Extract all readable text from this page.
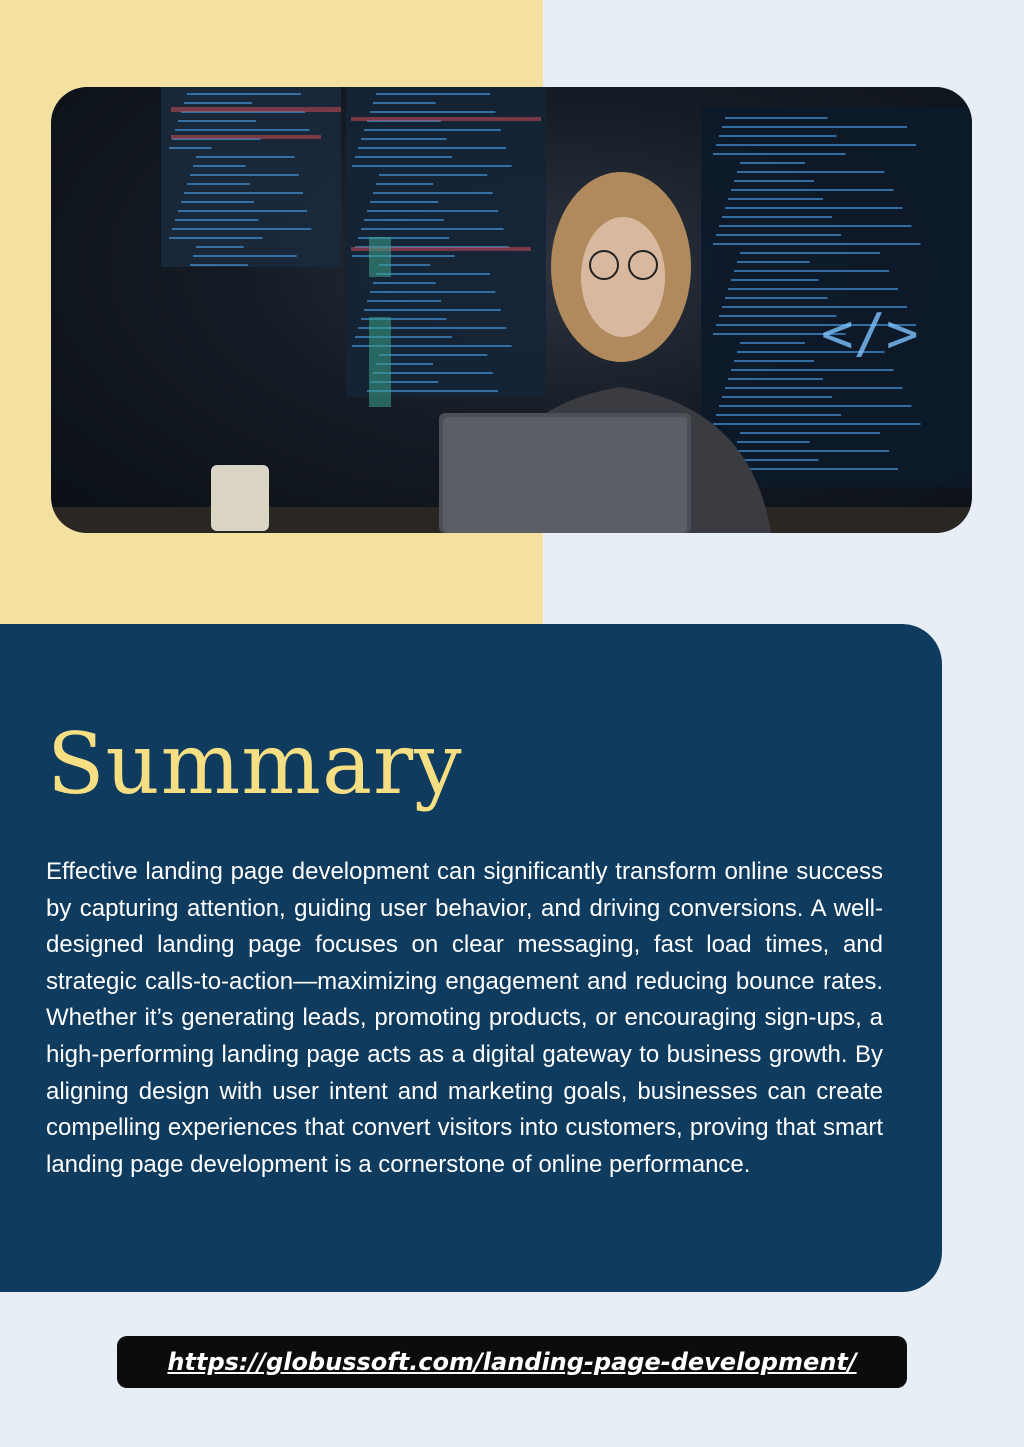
</>
Summary

Effective landing page development can significantly transform online success by capturing attention, guiding user behavior, and driving conversions. A well-designed landing page focuses on clear messaging, fast load times, and strategic calls-to-action—maximizing engagement and reducing bounce rates. Whether it’s generating leads, promoting products, or encouraging sign-ups, a high-performing landing page acts as a digital gateway to business growth. By aligning design with user intent and marketing goals, businesses can create compelling experiences that convert visitors into customers, proving that smart landing page development is a cornerstone of online performance.

https://globussoft.com/landing-page-development/
